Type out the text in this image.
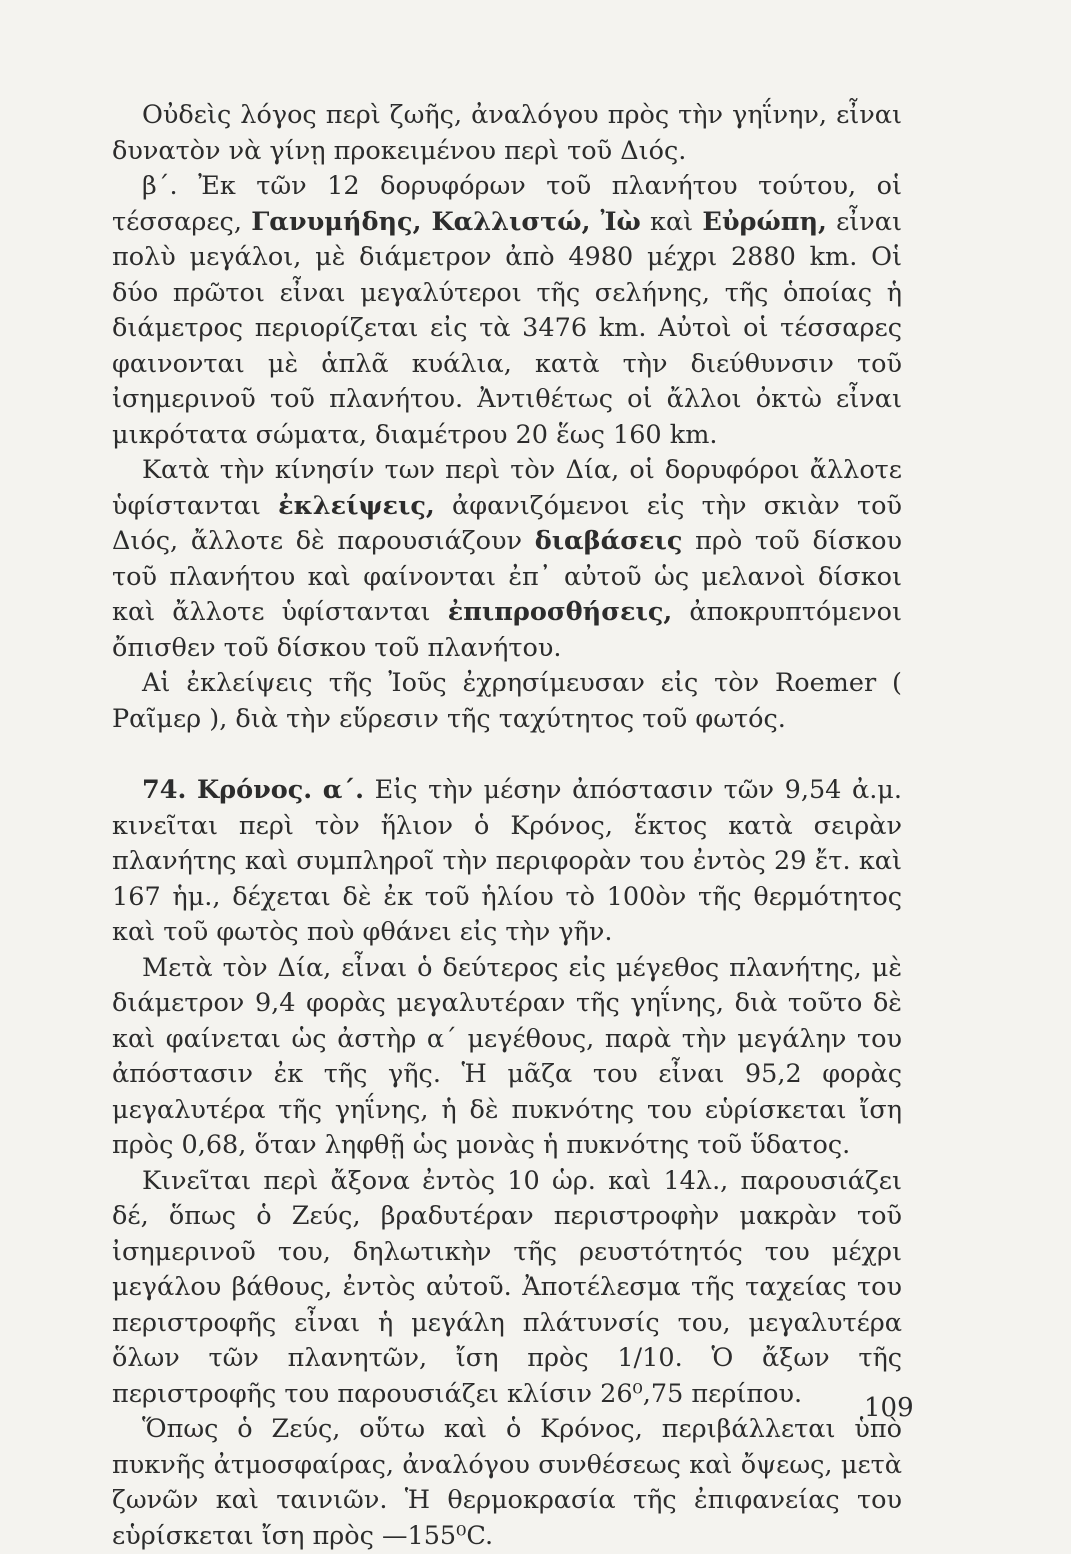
Οὐδεὶς λόγος περὶ ζωῆς, ἀναλόγου πρὸς τὴν γηΐνην, εἶναι δυνατὸν νὰ γίνῃ προκειμένου περὶ τοῦ Διός.

β΄. Ἐκ τῶν 12 δορυφόρων τοῦ πλανήτου τούτου, οἱ τέσσαρες, Γανυμήδης, Καλλιστώ, Ἰὼ καὶ Εὐρώπη, εἶναι πολὺ μεγάλοι, μὲ διάμετρον ἀπὸ 4980 μέχρι 2880 km. Οἱ δύο πρῶτοι εἶναι μεγαλύτεροι τῆς σελήνης, τῆς ὁποίας ἡ διάμετρος περιορίζεται εἰς τὰ 3476 km. Αὐτοὶ οἱ τέσσαρες φαινονται μὲ ἁπλᾶ κυάλια, κατὰ τὴν διεύθυνσιν τοῦ ἰσημερινοῦ τοῦ πλανήτου. Ἀντιθέτως οἱ ἄλλοι ὀκτὼ εἶναι μικρότατα σώματα, διαμέτρου 20 ἕως 160 km.

Κατὰ τὴν κίνησίν των περὶ τὸν Δία, οἱ δορυφόροι ἄλλοτε ὑφίστανται ἐκλείψεις, ἀφανιζόμενοι εἰς τὴν σκιὰν τοῦ Διός, ἄλλοτε δὲ παρουσιάζουν διαβάσεις πρὸ τοῦ δίσκου τοῦ πλανήτου καὶ φαίνονται ἐπ᾽ αὐτοῦ ὡς μελανοὶ δίσκοι καὶ ἄλλοτε ὑφίστανται ἐπιπροσθήσεις, ἀποκρυπτόμενοι ὄπισθεν τοῦ δίσκου τοῦ πλανήτου.

Αἱ ἐκλείψεις τῆς Ἰοῦς ἐχρησίμευσαν εἰς τὸν Roemer ( Ραῖμερ ), διὰ τὴν εὕρεσιν τῆς ταχύτητος τοῦ φωτός.

74. Κρόνος. α΄. Εἰς τὴν μέσην ἀπόστασιν τῶν 9,54 ἀ.μ. κινεῖται περὶ τὸν ἥλιον ὁ Κρόνος, ἕκτος κατὰ σειρὰν πλανήτης καὶ συμπληροῖ τὴν περιφορὰν του ἐντὸς 29 ἔτ. καὶ 167 ἡμ., δέχεται δὲ ἐκ τοῦ ἡλίου τὸ 100ὸν τῆς θερμότητος καὶ τοῦ φωτὸς ποὺ φθάνει εἰς τὴν γῆν.

Μετὰ τὸν Δία, εἶναι ὁ δεύτερος εἰς μέγεθος πλανήτης, μὲ διάμετρον 9,4 φορὰς μεγαλυτέραν τῆς γηΐνης, διὰ τοῦτο δὲ καὶ φαίνεται ὡς ἀστὴρ α΄ μεγέθους, παρὰ τὴν μεγάλην του ἀπόστασιν ἐκ τῆς γῆς. Ἡ μᾶζα του εἶναι 95,2 φορὰς μεγαλυτέρα τῆς γηΐνης, ἡ δὲ πυκνότης του εὑρίσκεται ἴση πρὸς 0,68, ὅταν ληφθῇ ὡς μονὰς ἡ πυκνότης τοῦ ὕδατος.

Κινεῖται περὶ ἄξονα ἐντὸς 10 ὡρ. καὶ 14λ., παρουσιάζει δέ, ὅπως ὁ Ζεύς, βραδυτέραν περιστροφὴν μακρὰν τοῦ ἰσημερινοῦ του, δηλωτικὴν τῆς ρευστότητός του μέχρι μεγάλου βάθους, ἐντὸς αὐτοῦ. Ἀποτέλεσμα τῆς ταχείας του περιστροφῆς εἶναι ἡ μεγάλη πλάτυνσίς του, μεγαλυτέρα ὅλων τῶν πλανητῶν, ἴση πρὸς 1/10. Ὁ ἄξων τῆς περιστροφῆς του παρουσιάζει κλίσιν 26⁰,75 περίπου.

Ὅπως ὁ Ζεύς, οὕτω καὶ ὁ Κρόνος, περιβάλλεται ὑπὸ πυκνῆς ἀτμοσφαίρας, ἀναλόγου συνθέσεως καὶ ὄψεως, μετὰ ζωνῶν καὶ ταινιῶν. Ἡ θερμοκρασία τῆς ἐπιφανείας του εὑρίσκεται ἴση πρὸς —155⁰C.

109
